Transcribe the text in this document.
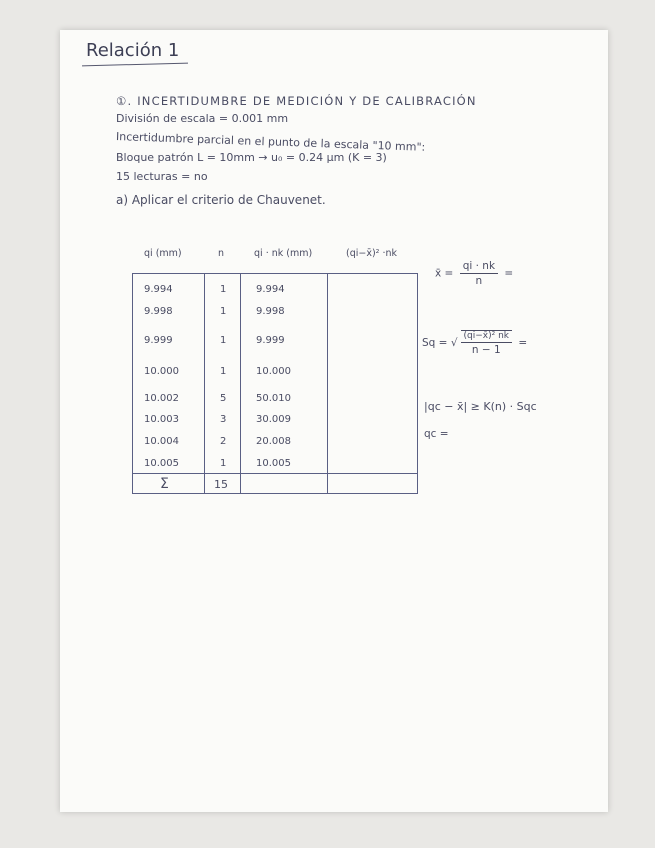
Relación 1
①. INCERTIDUMBRE DE MEDICIÓN Y DE CALIBRACIÓN
División de escala = 0.001 mm
Incertidumbre parcial en el punto de la escala "10 mm":
Bloque patrón L = 10mm → u₀ = 0.24 µm (K = 3)
15 lecturas = no
a) Aplicar el criterio de Chauvenet.
qi (mm)	n	qi · nk (mm)	(qi−x̄)² ·nk
9.994	1	9.994
9.998	1	9.998
9.999	1	9.999
10.000	1	10.000
10.002	5	50.010
10.003	3	30.009
10.004	2	20.008
10.005	1	10.005
Σ	15
x̄ = $\frac{qi \cdot nk}{n}$ =
Sq = √ $\frac{\text{(qi−x̄)² nk}}{n - 1}$ =
|qc − x̄| ≥ K(n) · Sqc
qc =
